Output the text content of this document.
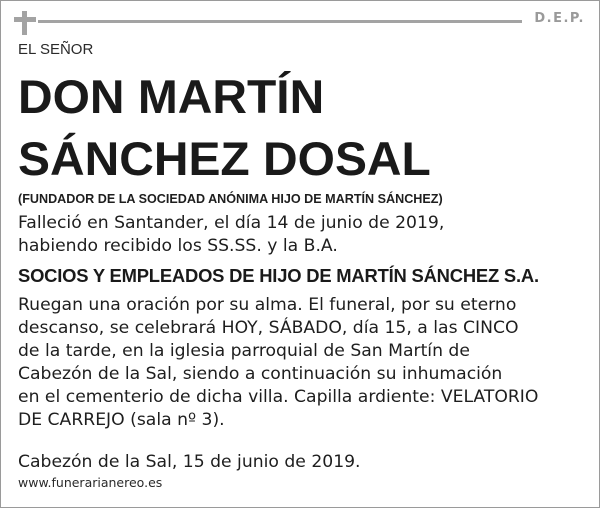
D.E.P.
EL SEÑOR
DON MARTÍN
SÁNCHEZ DOSAL
(FUNDADOR DE LA SOCIEDAD ANÓNIMA HIJO DE MARTÍN SÁNCHEZ)
Falleció en Santander, el día 14 de junio de 2019,
habiendo recibido los SS.SS. y la B.A.
SOCIOS Y EMPLEADOS DE HIJO DE MARTÍN SÁNCHEZ S.A.
Ruegan una oración por su alma. El funeral, por su eterno
descanso, se celebrará HOY, SÁBADO, día 15, a las CINCO
de la tarde, en la iglesia parroquial de San Martín de
Cabezón de la Sal, siendo a continuación su inhumación
en el cementerio de dicha villa. Capilla ardiente: VELATORIO
DE CARREJO (sala nº 3).
Cabezón de la Sal, 15 de junio de 2019.
www.funerarianereo.es
